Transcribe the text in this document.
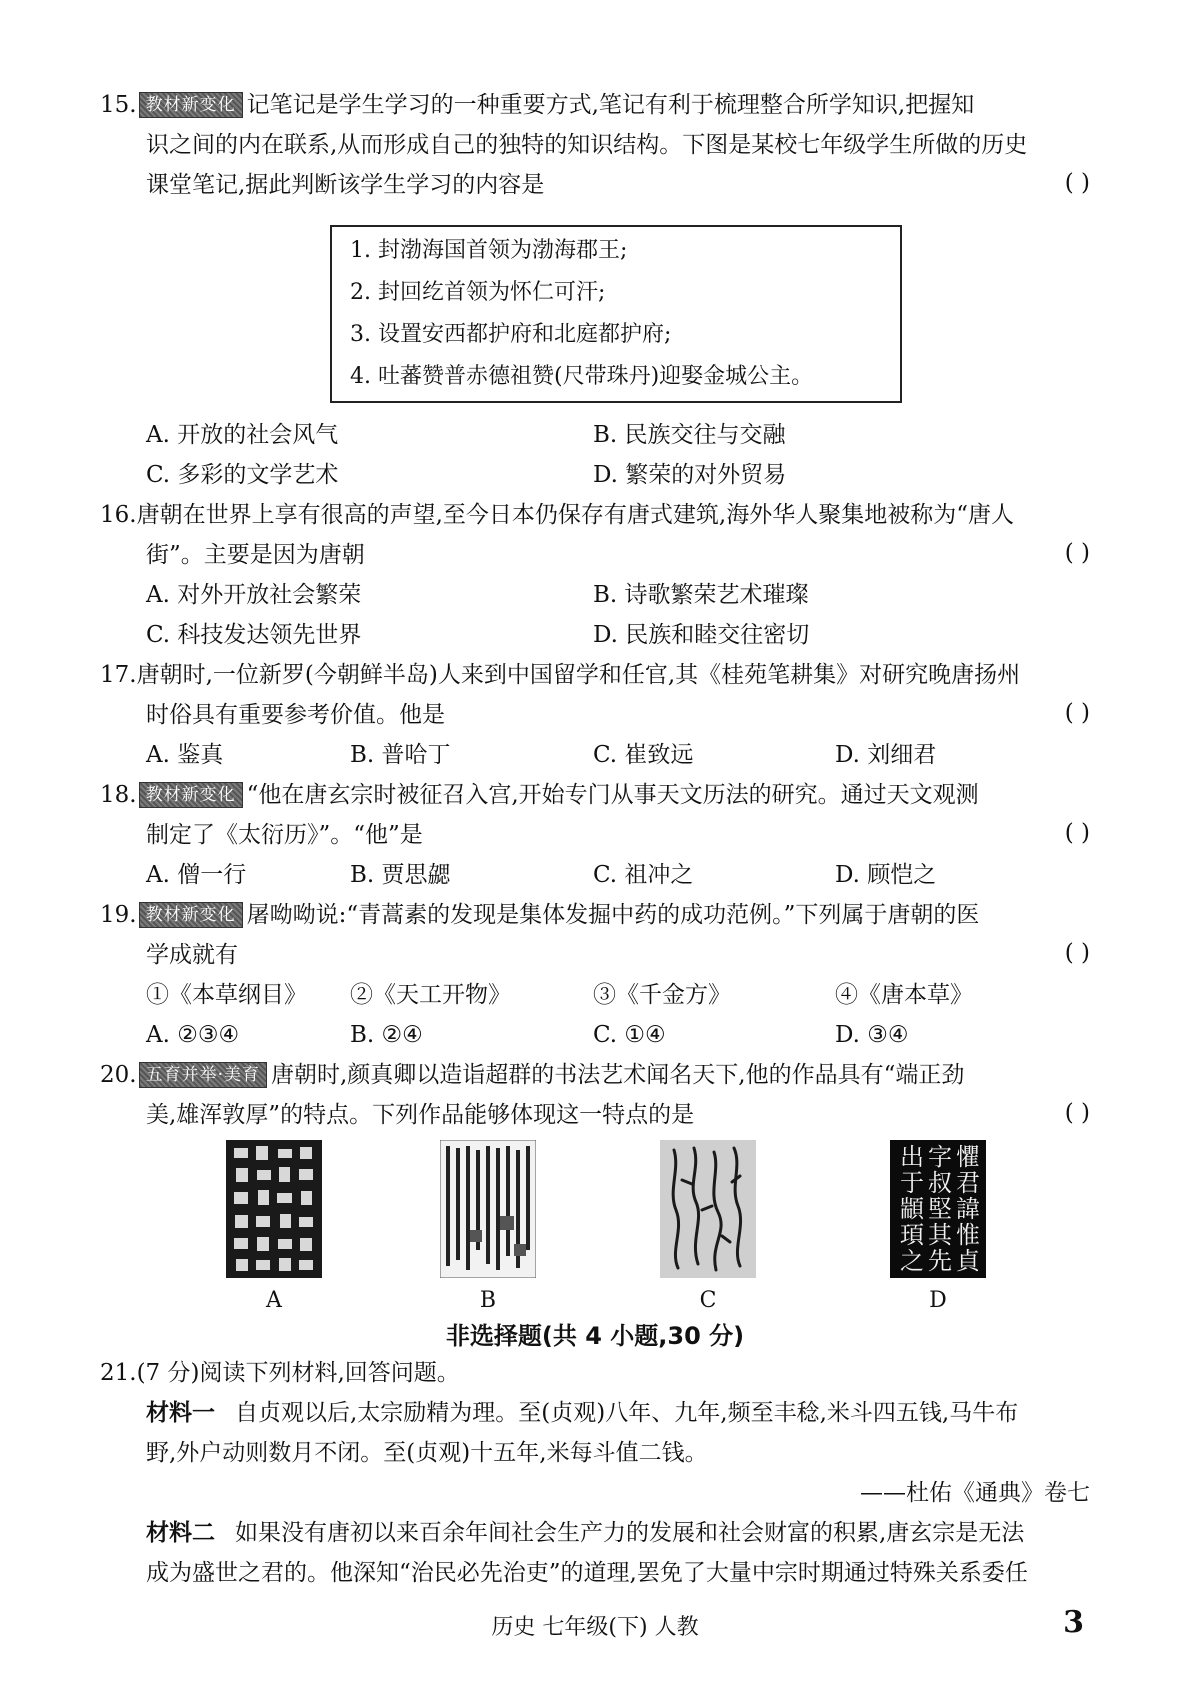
15. 教材新变化 记笔记是学生学习的一种重要方式,笔记有利于梳理整合所学知识,把握知
识之间的内在联系,从而形成自己的独特的知识结构。下图是某校七年级学生所做的历史
课堂笔记,据此判断该学生学习的内容是	( )
1. 封渤海国首领为渤海郡王;
2. 封回纥首领为怀仁可汗;
3. 设置安西都护府和北庭都护府;
4. 吐蕃赞普赤德祖赞(尺带珠丹)迎娶金城公主。
A. 开放的社会风气	B. 民族交往与交融
C. 多彩的文学艺术	D. 繁荣的对外贸易
16.唐朝在世界上享有很高的声望,至今日本仍保存有唐式建筑,海外华人聚集地被称为“唐人
街”。主要是因为唐朝	( )
A. 对外开放社会繁荣	B. 诗歌繁荣艺术璀璨
C. 科技发达领先世界	D. 民族和睦交往密切
17.唐朝时,一位新罗(今朝鲜半岛)人来到中国留学和任官,其《桂苑笔耕集》对研究晚唐扬州
时俗具有重要参考价值。他是	( )
A. 鉴真	B. 普哈丁	C. 崔致远	D. 刘细君
18. 教材新变化 “他在唐玄宗时被征召入宫,开始专门从事天文历法的研究。通过天文观测
制定了《太衍历》”。“他”是	( )
A. 僧一行	B. 贾思勰	C. 祖冲之	D. 顾恺之
19. 教材新变化 屠呦呦说:“青蒿素的发现是集体发掘中药的成功范例。”下列属于唐朝的医
学成就有	( )
①《本草纲目》 ②《天工开物》	③《千金方》	④《唐本草》
A. ②③④	B. ②④	C. ①④	D. ③④
20. 五育并举·美育 唐朝时,颜真卿以造诣超群的书法艺术闻名天下,他的作品具有“端正劲
美,雄浑敦厚”的特点。下列作品能够体现这一特点的是	( )
A	B	C
懼
君
諱
惟
貞
字
叔
堅
其
先
出
于
顓
頊
之
D
非选择题(共 4 小题,30 分)
21.(7 分)阅读下列材料,回答问题。
材料一 自贞观以后,太宗励精为理。至(贞观)八年、九年,频至丰稔,米斗四五钱,马牛布
野,外户动则数月不闭。至(贞观)十五年,米每斗值二钱。
——杜佑《通典》卷七
材料二 如果没有唐初以来百余年间社会生产力的发展和社会财富的积累,唐玄宗是无法
成为盛世之君的。他深知“治民必先治吏”的道理,罢免了大量中宗时期通过特殊关系委任
历史 七年级(下) 人教	3
